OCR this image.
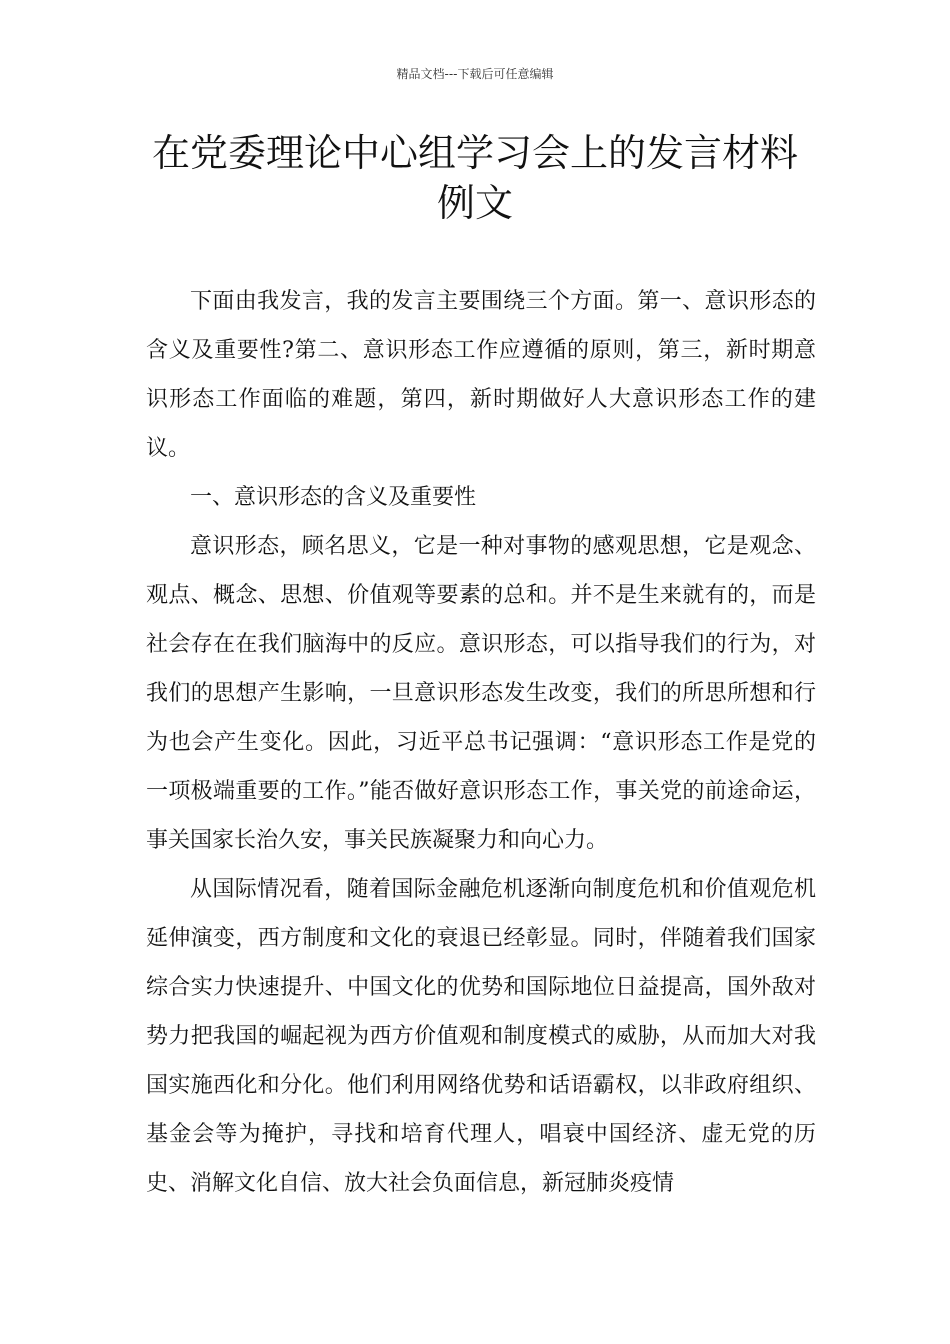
精品文档---下载后可任意编辑
在党委理论中心组学习会上的发言材料
例文

下面由我发言，我的发言主要围绕三个方面。第一、意识形态的含义及重要性?第二、意识形态工作应遵循的原则，第三，新时期意识形态工作面临的难题，第四，新时期做好人大意识形态工作的建议。

一、意识形态的含义及重要性

意识形态，顾名思义，它是一种对事物的感观思想，它是观念、观点、概念、思想、价值观等要素的总和。并不是生来就有的，而是社会存在在我们脑海中的反应。意识形态，可以指导我们的行为，对我们的思想产生影响，一旦意识形态发生改变，我们的所思所想和行为也会产生变化。因此，习近平总书记强调：“意识形态工作是党的一项极端重要的工作。”能否做好意识形态工作，事关党的前途命运，事关国家长治久安，事关民族凝聚力和向心力。

从国际情况看，随着国际金融危机逐渐向制度危机和价值观危机延伸演变，西方制度和文化的衰退已经彰显。同时，伴随着我们国家综合实力快速提升、中国文化的优势和国际地位日益提高，国外敌对势力把我国的崛起视为西方价值观和制度模式的威胁，从而加大对我国实施西化和分化。他们利用网络优势和话语霸权，以非政府组织、基金会等为掩护，寻找和培育代理人，唱衰中国经济、虚无党的历史、消解文化自信、放大社会负面信息，新冠肺炎疫情
